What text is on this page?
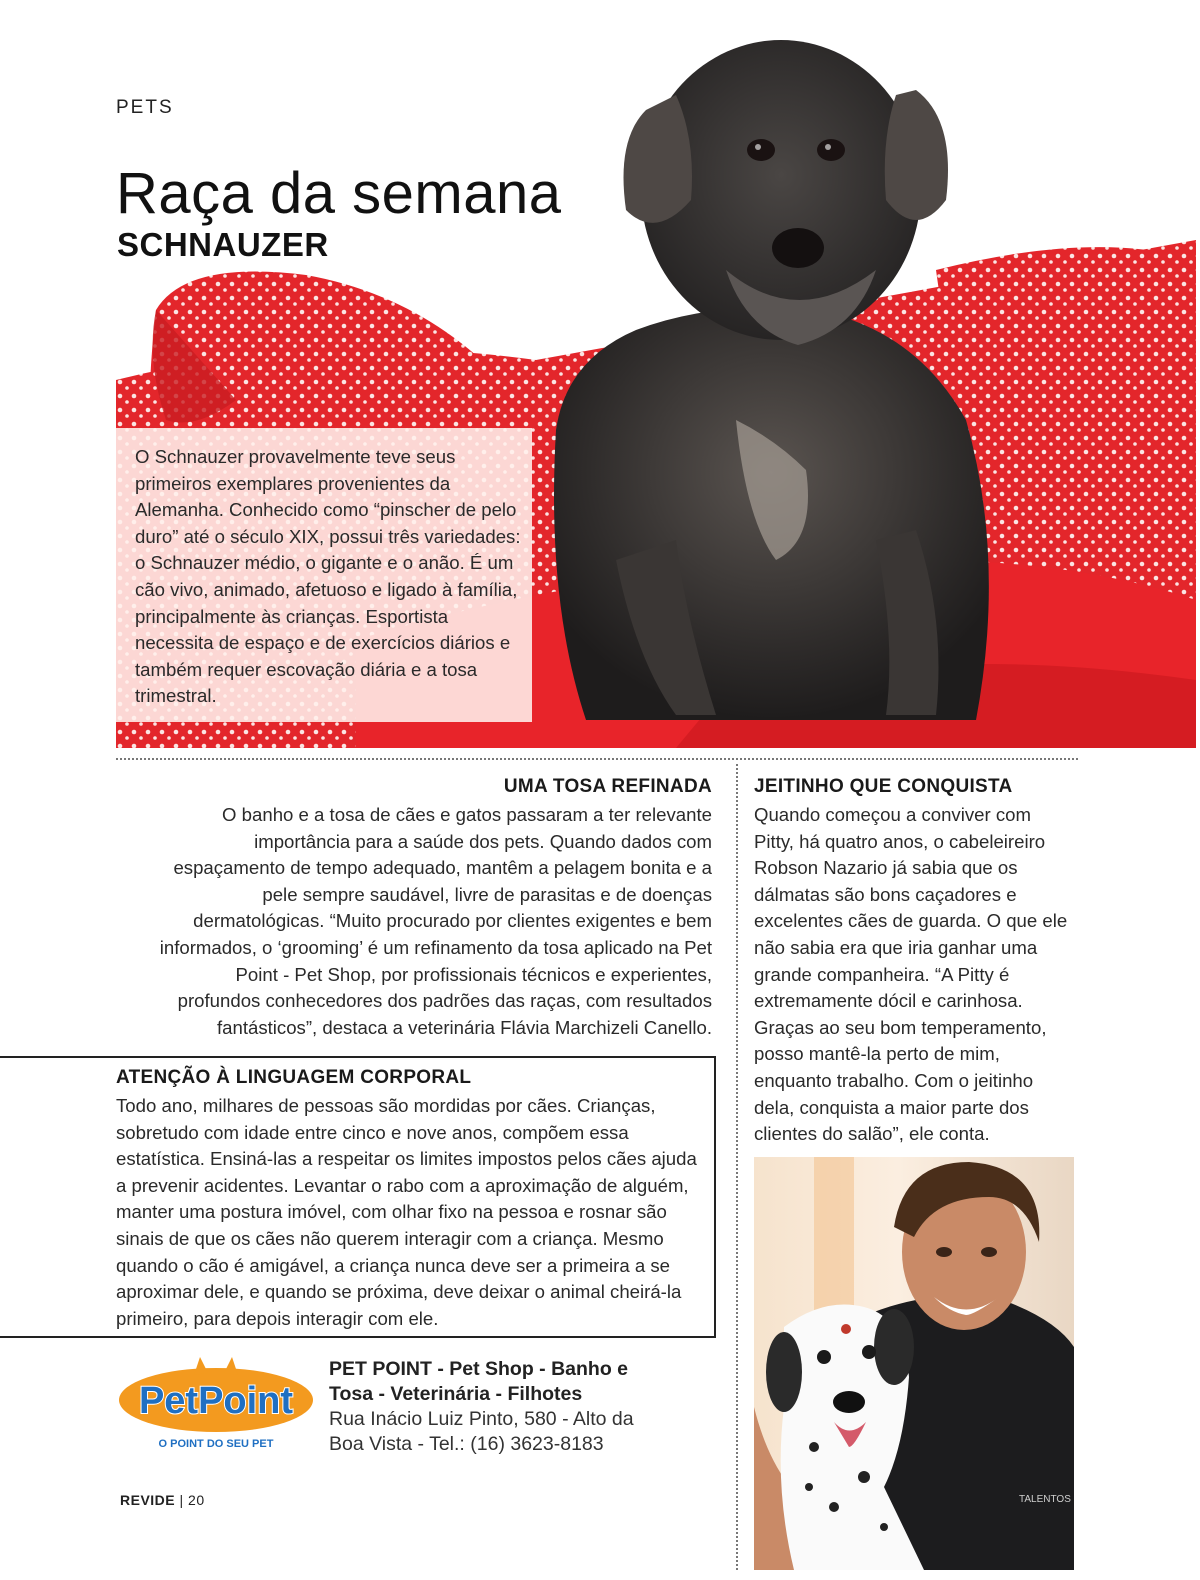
PETS
Raça da semana
SCHNAUZER
O Schnauzer provavelmente teve seus primeiros exemplares provenientes da Alemanha. Conhecido como “pinscher de pelo duro” até o século XIX, possui três variedades: o Schnauzer médio, o gigante e o anão. É um cão vivo, animado, afetuoso e ligado à família, principalmente às crianças. Esportista necessita de espaço e de exercícios diários e também requer escovação diária e a tosa trimestral.
UMA TOSA REFINADA
O banho e a tosa de cães e gatos passaram a ter relevante importância para a saúde dos pets. Quando dados com espaçamento de tempo adequado, mantêm a pelagem bonita e a pele sempre saudável, livre de parasitas e de doenças dermatológicas. “Muito procurado por clientes exigentes e bem informados, o ‘grooming’ é um refinamento da tosa aplicado na Pet Point - Pet Shop, por profissionais técnicos e experientes, profundos conhecedores dos padrões das raças, com resultados fantásticos”, destaca a veterinária Flávia Marchizeli Canello.
JEITINHO QUE CONQUISTA
Quando começou a conviver com Pitty, há quatro anos, o cabeleireiro Robson Nazario já sabia que os dálmatas são bons caçadores e excelentes cães de guarda. O que ele não sabia era que iria ganhar uma grande companheira. “A Pitty é extremamente dócil e carinhosa. Graças ao seu bom temperamento, posso mantê-la perto de mim, enquanto trabalho. Com o jeitinho dela, conquista a maior parte dos clientes do salão”, ele conta.
ATENÇÃO À LINGUAGEM CORPORAL
Todo ano, milhares de pessoas são mordidas por cães. Crianças, sobretudo com idade entre cinco e nove anos, compõem essa estatística. Ensiná-las a respeitar os limites impostos pelos cães ajuda a prevenir acidentes. Levantar o rabo com a aproximação de alguém, manter uma postura imóvel, com olhar fixo na pessoa e rosnar são sinais de que os cães não querem interagir com a criança. Mesmo quando o cão é amigável, a criança nunca deve ser a primeira a se aproximar dele, e quando se próxima, deve deixar o animal cheirá-la primeiro, para depois interagir com ele.
TALENTOS
PetPoint
O POINT DO SEU PET
PET POINT - Pet Shop - Banho e Tosa - Veterinária - Filhotes
Rua Inácio Luiz Pinto, 580 - Alto da Boa Vista - Tel.: (16) 3623-8183
REVIDE | 20
